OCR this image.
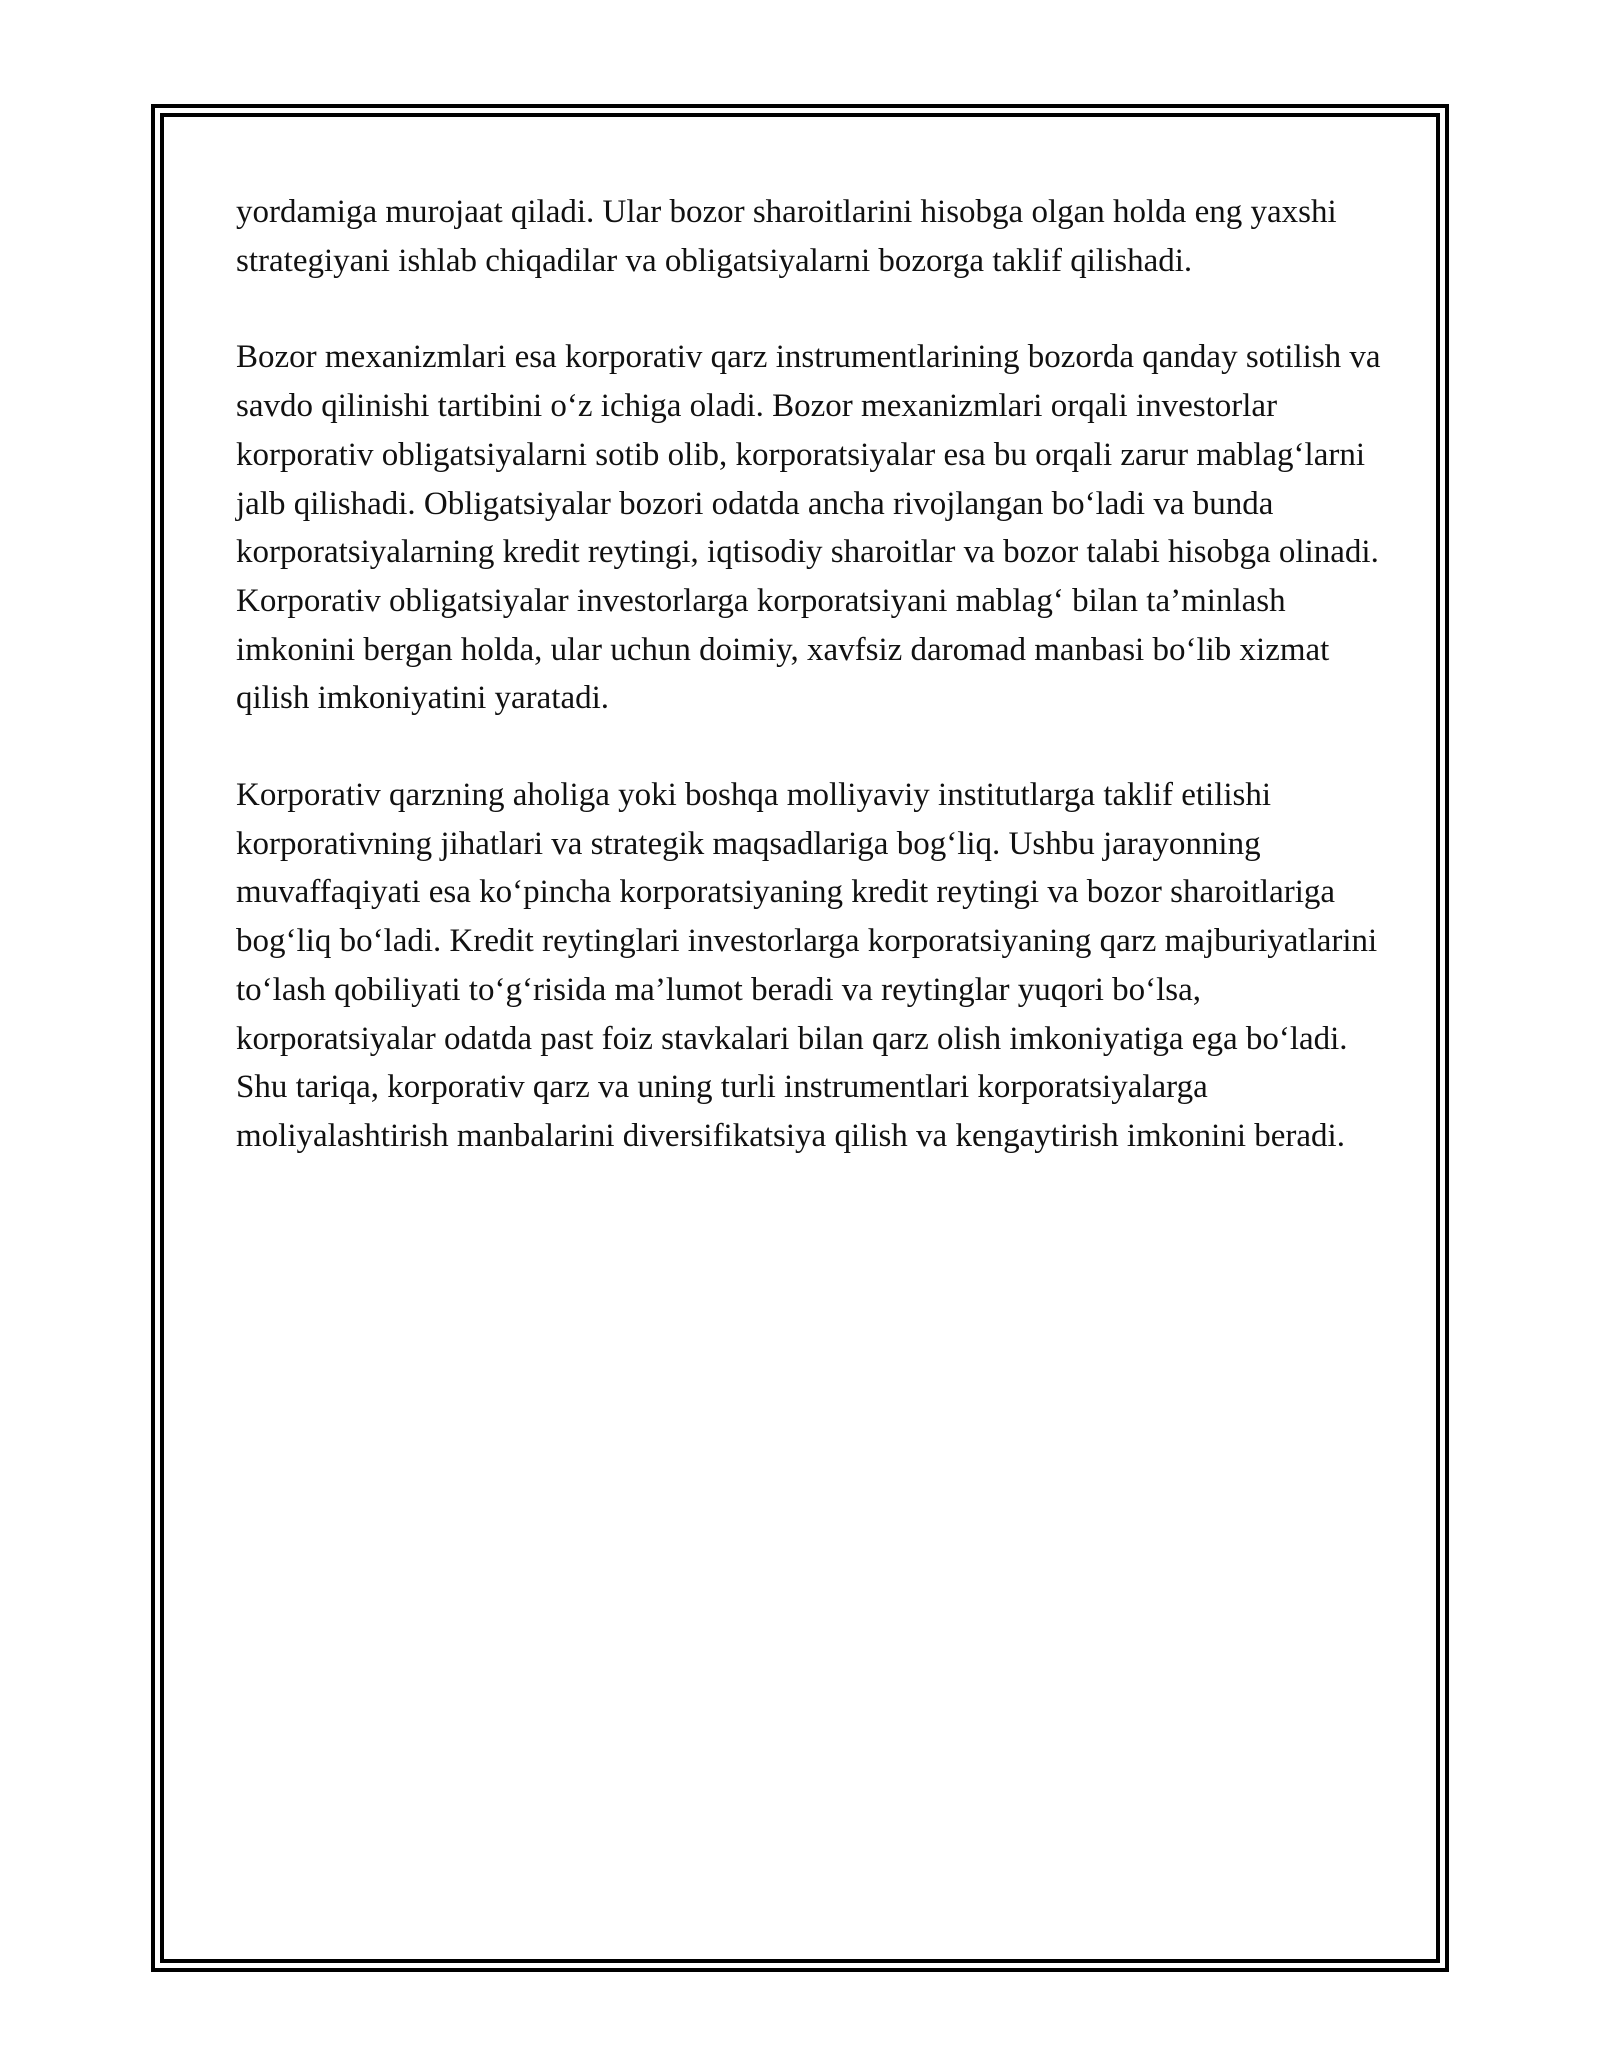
yordamiga murojaat qiladi. Ular bozor sharoitlarini hisobga olgan holda eng yaxshi strategiyani ishlab chiqadilar va obligatsiyalarni bozorga taklif qilishadi.

Bozor mexanizmlari esa korporativ qarz instrumentlarining bozorda qanday sotilish va savdo qilinishi tartibini o‘z ichiga oladi. Bozor mexanizmlari orqali investorlar korporativ obligatsiyalarni sotib olib, korporatsiyalar esa bu orqali zarur mablag‘larni jalb qilishadi. Obligatsiyalar bozori odatda ancha rivojlangan bo‘ladi va bunda korporatsiyalarning kredit reytingi, iqtisodiy sharoitlar va bozor talabi hisobga olinadi. Korporativ obligatsiyalar investorlarga korporatsiyani mablag‘ bilan ta’minlash imkonini bergan holda, ular uchun doimiy, xavfsiz daromad manbasi bo‘lib xizmat qilish imkoniyatini yaratadi.

Korporativ qarzning aholiga yoki boshqa molliyaviy institutlarga taklif etilishi korporativning jihatlari va strategik maqsadlariga bog‘liq. Ushbu jarayonning muvaffaqiyati esa ko‘pincha korporatsiyaning kredit reytingi va bozor sharoitlariga bog‘liq bo‘ladi. Kredit reytinglari investorlarga korporatsiyaning qarz majburiyatlarini to‘lash qobiliyati to‘g‘risida ma’lumot beradi va reytinglar yuqori bo‘lsa, korporatsiyalar odatda past foiz stavkalari bilan qarz olish imkoniyatiga ega bo‘ladi. Shu tariqa, korporativ qarz va uning turli instrumentlari korporatsiyalarga moliyalashtirish manbalarini diversifikatsiya qilish va kengaytirish imkonini beradi.
